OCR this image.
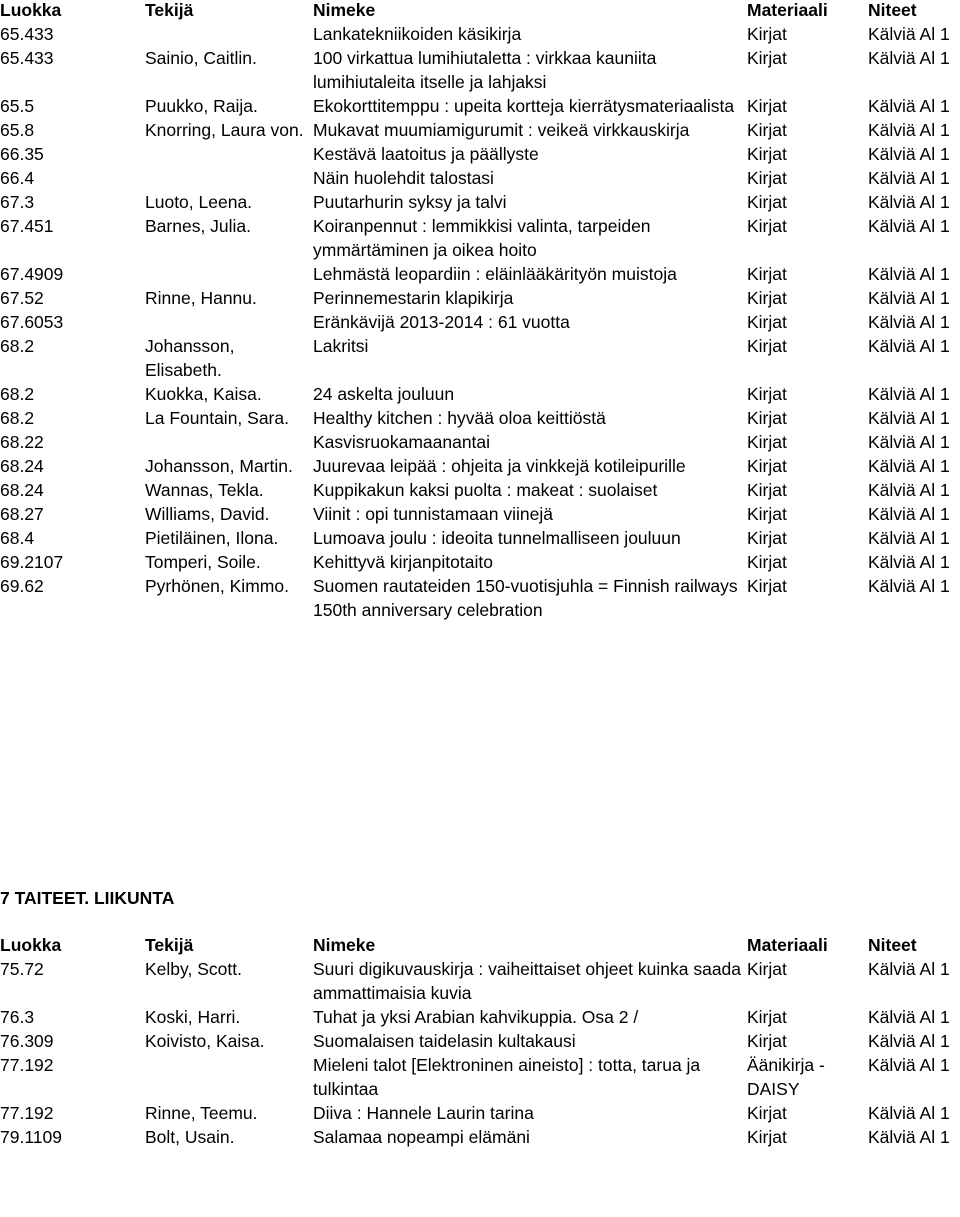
Luokka	Tekijä	Nimeke	Materiaali	Niteet
65.433		Lankatekniikoiden käsikirja	Kirjat	Kälviä Al 1
65.433	Sainio, Caitlin.	100 virkattua lumihiutaletta : virkkaa kauniita lumihiutaleita itselle ja lahjaksi	Kirjat	Kälviä Al 1
65.5	Puukko, Raija.	Ekokorttitemppu : upeita kortteja kierrätysmateriaalista	Kirjat	Kälviä Al 1
65.8	Knorring, Laura von.	Mukavat muumiamigurumit : veikeä virkkauskirja	Kirjat	Kälviä Al 1
66.35		Kestävä laatoitus ja päällyste	Kirjat	Kälviä Al 1
66.4		Näin huolehdit talostasi	Kirjat	Kälviä Al 1
67.3	Luoto, Leena.	Puutarhurin syksy ja talvi	Kirjat	Kälviä Al 1
67.451	Barnes, Julia.	Koiranpennut : lemmikkisi valinta, tarpeiden ymmärtäminen ja oikea hoito	Kirjat	Kälviä Al 1
67.4909		Lehmästä leopardiin : eläinlääkärityön muistoja	Kirjat	Kälviä Al 1
67.52	Rinne, Hannu.	Perinnemestarin klapikirja	Kirjat	Kälviä Al 1
67.6053		Eränkävijä 2013-2014 : 61 vuotta	Kirjat	Kälviä Al 1
68.2	Johansson, Elisabeth.	Lakritsi	Kirjat	Kälviä Al 1
68.2	Kuokka, Kaisa.	24 askelta jouluun	Kirjat	Kälviä Al 1
68.2	La Fountain, Sara.	Healthy kitchen : hyvää oloa keittiöstä	Kirjat	Kälviä Al 1
68.22		Kasvisruokamaanantai	Kirjat	Kälviä Al 1
68.24	Johansson, Martin.	Juurevaa leipää : ohjeita ja vinkkejä kotileipurille	Kirjat	Kälviä Al 1
68.24	Wannas, Tekla.	Kuppikakun kaksi puolta : makeat : suolaiset	Kirjat	Kälviä Al 1
68.27	Williams, David.	Viinit : opi tunnistamaan viinejä	Kirjat	Kälviä Al 1
68.4	Pietiläinen, Ilona.	Lumoava joulu : ideoita tunnelmalliseen jouluun	Kirjat	Kälviä Al 1
69.2107	Tomperi, Soile.	Kehittyvä kirjanpitotaito	Kirjat	Kälviä Al 1
69.62	Pyrhönen, Kimmo.	Suomen rautateiden 150-vuotisjuhla = Finnish railways 150th anniversary celebration	Kirjat	Kälviä Al 1
7 TAITEET. LIIKUNTA
Luokka	Tekijä	Nimeke	Materiaali	Niteet
75.72	Kelby, Scott.	Suuri digikuvauskirja : vaiheittaiset ohjeet kuinka saada ammattimaisia kuvia	Kirjat	Kälviä Al 1
76.3	Koski, Harri.	Tuhat ja yksi Arabian kahvikuppia. Osa 2 /	Kirjat	Kälviä Al 1
76.309	Koivisto, Kaisa.	Suomalaisen taidelasin kultakausi	Kirjat	Kälviä Al 1
77.192		Mieleni talot [Elektroninen aineisto] : totta, tarua ja tulkintaa	Äänikirja - DAISY	Kälviä Al 1
77.192	Rinne, Teemu.	Diiva : Hannele Laurin tarina	Kirjat	Kälviä Al 1
79.1109	Bolt, Usain.	Salamaa nopeampi elämäni	Kirjat	Kälviä Al 1
